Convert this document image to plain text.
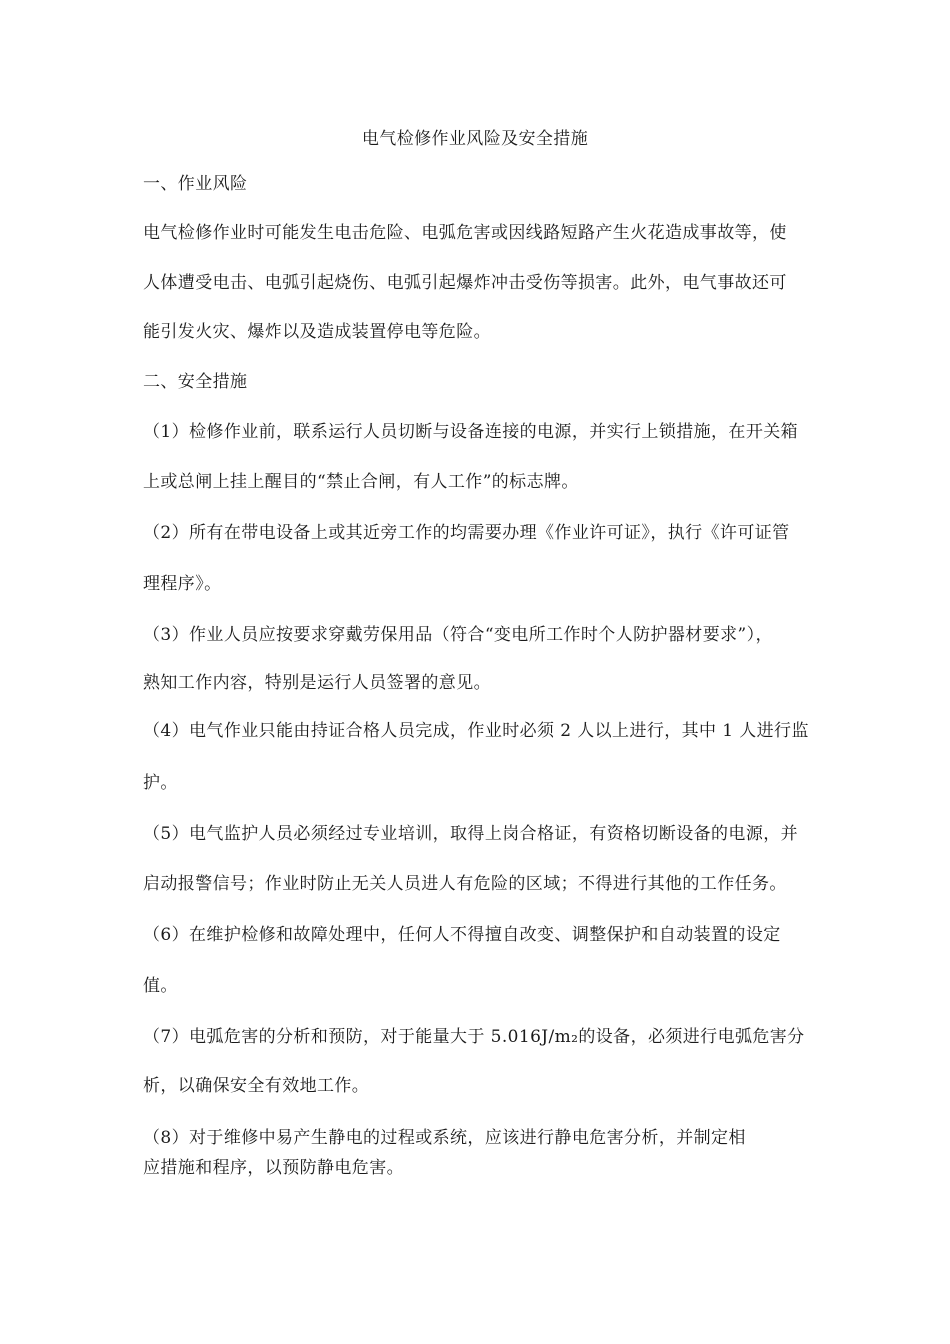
电气检修作业风险及安全措施
一、作业风险
电气检修作业时可能发生电击危险、电弧危害或因线路短路产生火花造成事故等，使
人体遭受电击、电弧引起烧伤、电弧引起爆炸冲击受伤等损害。此外，电气事故还可
能引发火灾、爆炸以及造成装置停电等危险。
二、安全措施
（1）检修作业前，联系运行人员切断与设备连接的电源，并实行上锁措施，在开关箱
上或总闸上挂上醒目的“禁止合闸，有人工作”的标志牌。
（2）所有在带电设备上或其近旁工作的均需要办理《作业许可证》，执行《许可证管
理程序》。
（3）作业人员应按要求穿戴劳保用品（符合“变电所工作时个人防护器材要求”），
熟知工作内容，特别是运行人员签署的意见。
（4）电气作业只能由持证合格人员完成，作业时必须 2 人以上进行，其中 1 人进行监
护。
（5）电气监护人员必须经过专业培训，取得上岗合格证，有资格切断设备的电源，并
启动报警信号；作业时防止无关人员进人有危险的区域；不得进行其他的工作任务。
（6）在维护检修和故障处理中，任何人不得擅自改变、调整保护和自动装置的设定
值。
（7）电弧危害的分析和预防，对于能量大于 5.016J/m₂的设备，必须进行电弧危害分
析，以确保安全有效地工作。
（8）对于维修中易产生静电的过程或系统，应该进行静电危害分析，并制定相
应措施和程序，以预防静电危害。
